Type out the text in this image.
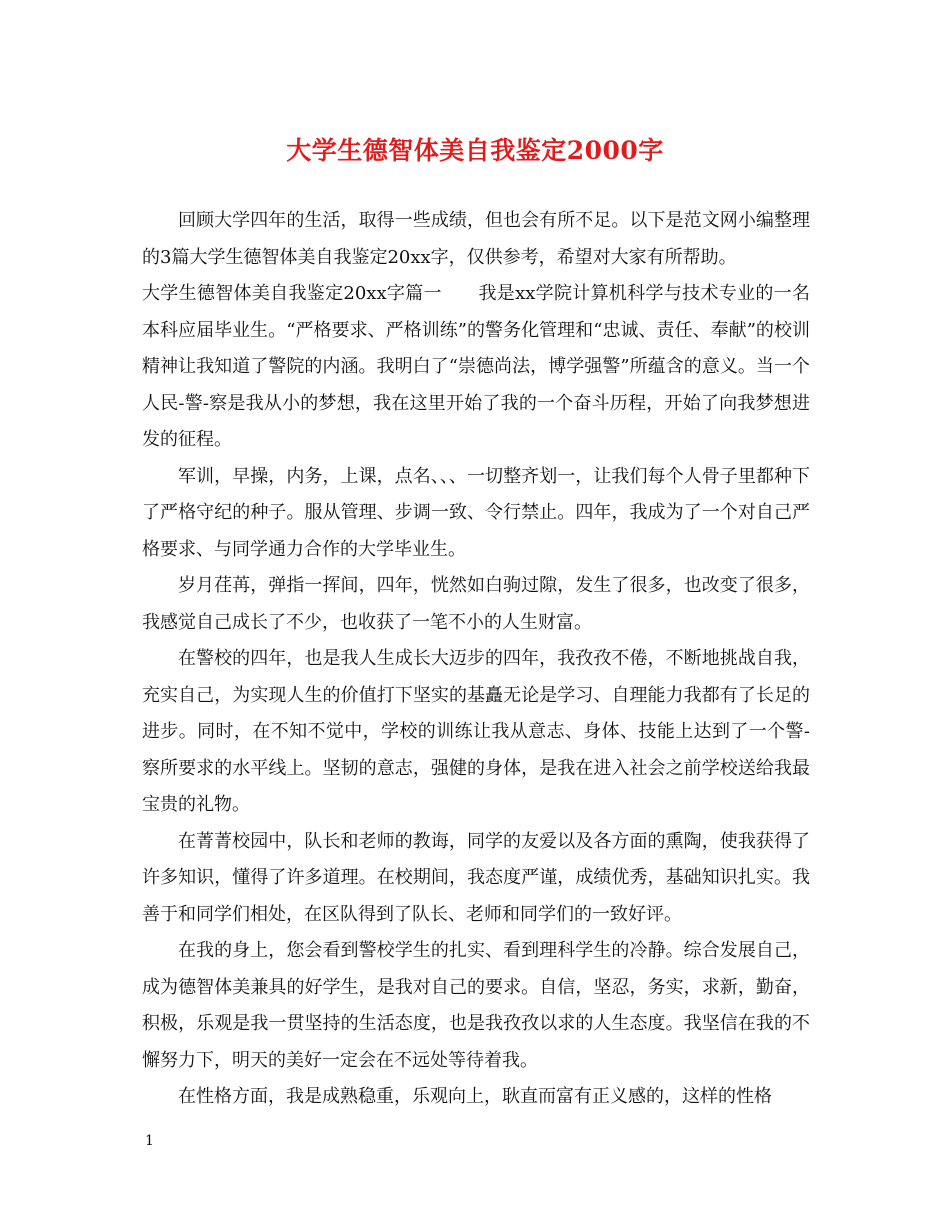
大学生德智体美自我鉴定2000字

回顾大学四年的生活，取得一些成绩，但也会有所不足。以下是范文网小编整理的3篇大学生德智体美自我鉴定20xx字，仅供参考，希望对大家有所帮助。

大学生德智体美自我鉴定20xx字篇一　　我是xx学院计算机科学与技术专业的一名本科应届毕业生。“严格要求、严格训练”的警务化管理和“忠诚、责任、奉献”的校训精神让我知道了警院的内涵。我明白了“崇德尚法，博学强警”所蕴含的意义。当一个人民-警-察是我从小的梦想，我在这里开始了我的一个奋斗历程，开始了向我梦想进发的征程。

军训，早操，内务，上课，点名、、、一切整齐划一，让我们每个人骨子里都种下了严格守纪的种子。服从管理、步调一致、令行禁止。四年，我成为了一个对自己严格要求、与同学通力合作的大学毕业生。

岁月荏苒，弹指一挥间，四年，恍然如白驹过隙，发生了很多，也改变了很多，我感觉自己成长了不少，也收获了一笔不小的人生财富。

在警校的四年，也是我人生成长大迈步的四年，我孜孜不倦，不断地挑战自我，充实自己，为实现人生的价值打下坚实的基矗无论是学习、自理能力我都有了长足的进步。同时，在不知不觉中，学校的训练让我从意志、身体、技能上达到了一个警-察所要求的水平线上。坚韧的意志，强健的身体，是我在进入社会之前学校送给我最宝贵的礼物。

在菁菁校园中，队长和老师的教诲，同学的友爱以及各方面的熏陶，使我获得了许多知识，懂得了许多道理。在校期间，我态度严谨，成绩优秀，基础知识扎实。我善于和同学们相处，在区队得到了队长、老师和同学们的一致好评。

在我的身上，您会看到警校学生的扎实、看到理科学生的冷静。综合发展自己，成为德智体美兼具的好学生，是我对自己的要求。自信，坚忍，务实，求新，勤奋，积极，乐观是我一贯坚持的生活态度，也是我孜孜以求的人生态度。我坚信在我的不懈努力下，明天的美好一定会在不远处等待着我。

在性格方面，我是成熟稳重，乐观向上，耿直而富有正义感的，这样的性格

1
